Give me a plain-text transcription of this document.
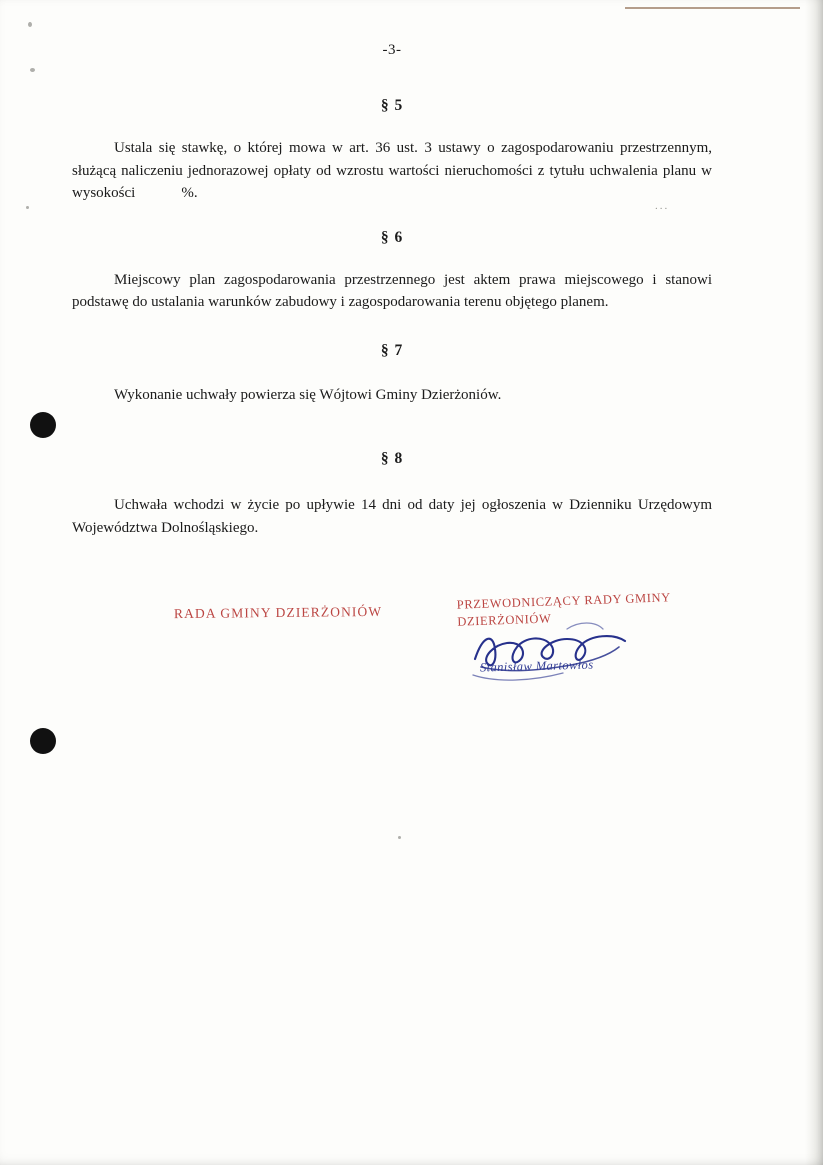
...
-3-
§ 5

Ustala się stawkę, o której mowa w art. 36 ust. 3 ustawy o zagospodarowaniu przestrzennym, służącą naliczeniu jednorazowej opłaty od wzrostu wartości nieruchomości z tytułu uchwalenia planu w wysokości	%.

§ 6

Miejscowy plan zagospodarowania przestrzennego jest aktem prawa miejscowego i stanowi podstawę do ustalania warunków zabudowy i zagospodarowania terenu objętego planem.

§ 7

Wykonanie uchwały powierza się Wójtowi Gminy Dzierżoniów.

§ 8

Uchwała wchodzi w życie po upływie 14 dni od daty jej ogłoszenia w Dzienniku Urzędowym Województwa Dolnośląskiego.

RADA GMINY DZIERŻONIÓW
PRZEWODNICZĄCY RADY GMINY
DZIERŻONIÓW
Stanisław Martowłos
